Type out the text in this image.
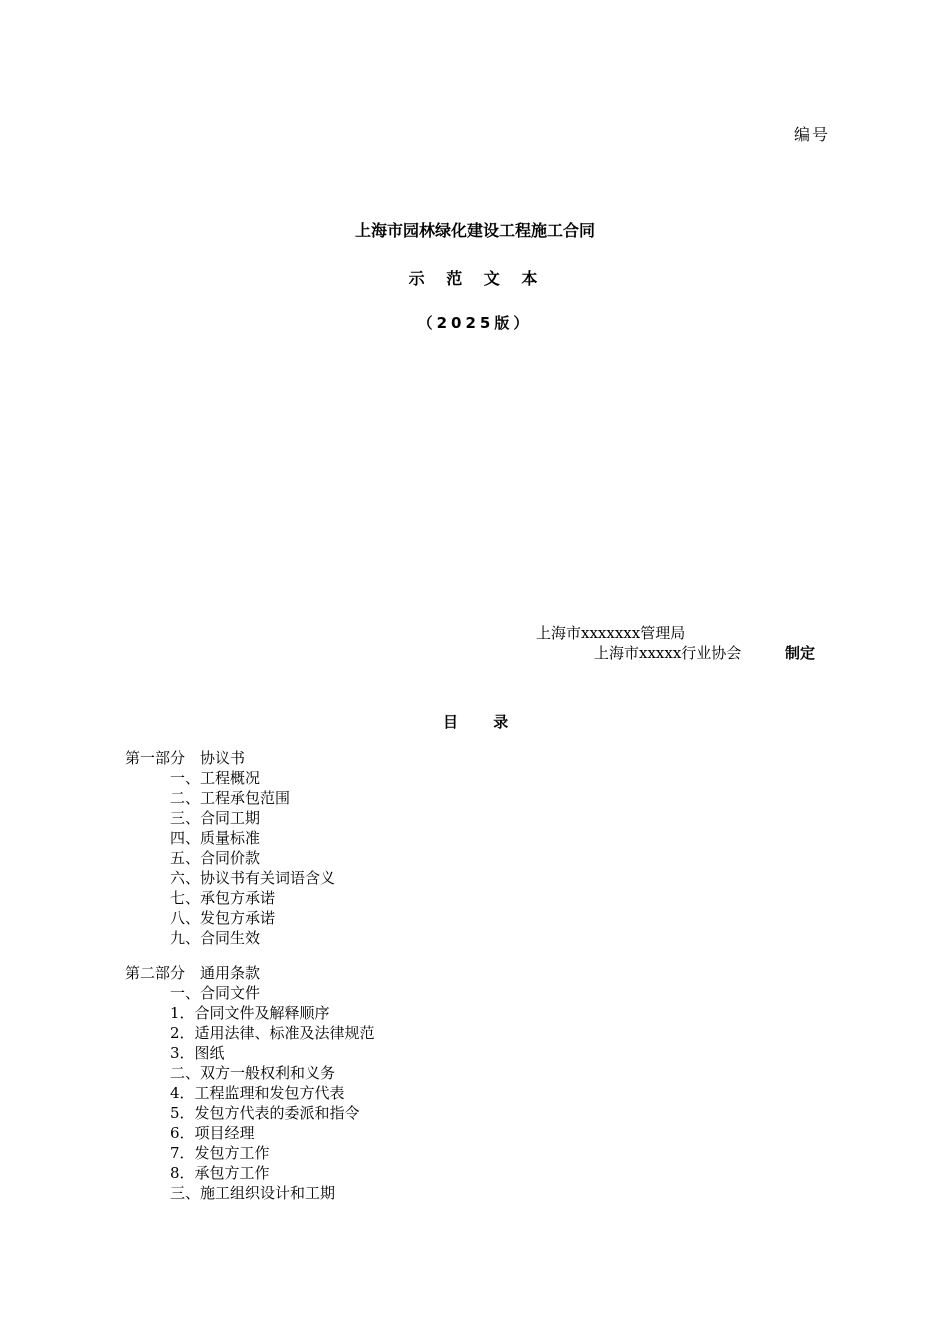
编号
上海市园林绿化建设工程施工合同
示 范 文 本
（2025版）
上海市xxxxxxx管理局
上海市xxxxx行业协会	制定
目 录
第一部分　协议书
一、工程概况
二、工程承包范围
三、合同工期
四、质量标准
五、合同价款
六、协议书有关词语含义
七、承包方承诺
八、发包方承诺
九、合同生效
第二部分　通用条款
一、合同文件
1．合同文件及解释顺序
2．适用法律、标准及法律规范
3．图纸
二、双方一般权利和义务
4．工程监理和发包方代表
5．发包方代表的委派和指令
6．项目经理
7．发包方工作
8．承包方工作
三、施工组织设计和工期
